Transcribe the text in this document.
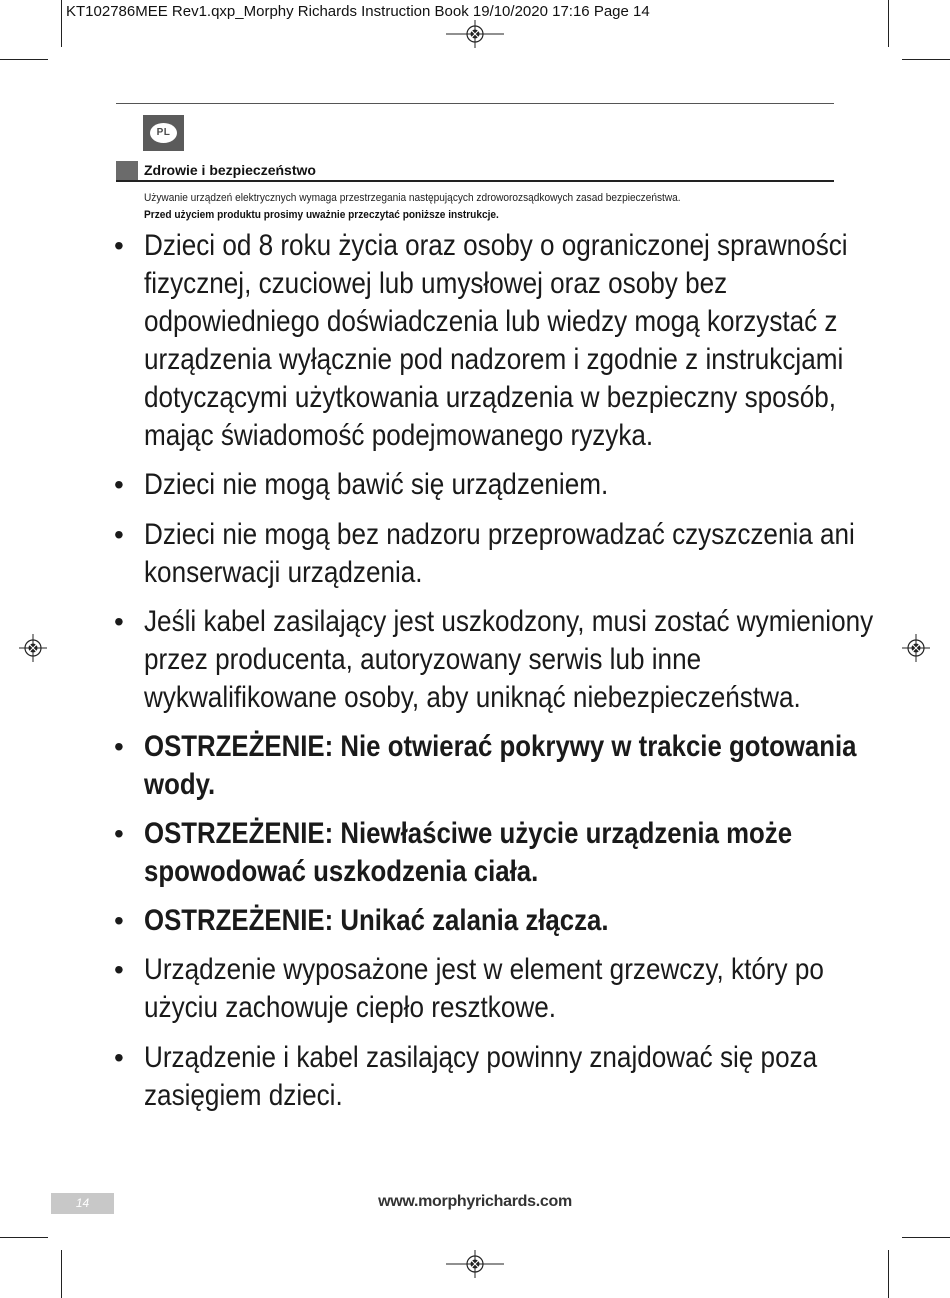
KT102786MEE Rev1.qxp_Morphy Richards Instruction Book 19/10/2020 17:16 Page 14
PL
Zdrowie i bezpieczeństwo
Używanie urządzeń elektrycznych wymaga przestrzegania następujących zdroworozsądkowych zasad bezpieczeństwa.
Przed użyciem produktu prosimy uważnie przeczytać poniższe instrukcje.
• Dzieci od 8 roku życia oraz osoby o ograniczonej sprawności
fizycznej, czuciowej lub umysłowej oraz osoby bez
odpowiedniego doświadczenia lub wiedzy mogą korzystać z
urządzenia wyłącznie pod nadzorem i zgodnie z instrukcjami
dotyczącymi użytkowania urządzenia w bezpieczny sposób,
mając świadomość podejmowanego ryzyka.
• Dzieci nie mogą bawić się urządzeniem.
• Dzieci nie mogą bez nadzoru przeprowadzać czyszczenia ani
konserwacji urządzenia.
• Jeśli kabel zasilający jest uszkodzony, musi zostać wymieniony
przez producenta, autoryzowany serwis lub inne
wykwalifikowane osoby, aby uniknąć niebezpieczeństwa.
• OSTRZEŻENIE: Nie otwierać pokrywy w trakcie gotowania
wody.
• OSTRZEŻENIE: Niewłaściwe użycie urządzenia może
spowodować uszkodzenia ciała.
• OSTRZEŻENIE: Unikać zalania złącza.
• Urządzenie wyposażone jest w element grzewczy, który po
użyciu zachowuje ciepło resztkowe.
• Urządzenie i kabel zasilający powinny znajdować się poza
zasięgiem dzieci.
14	www.morphyrichards.com
